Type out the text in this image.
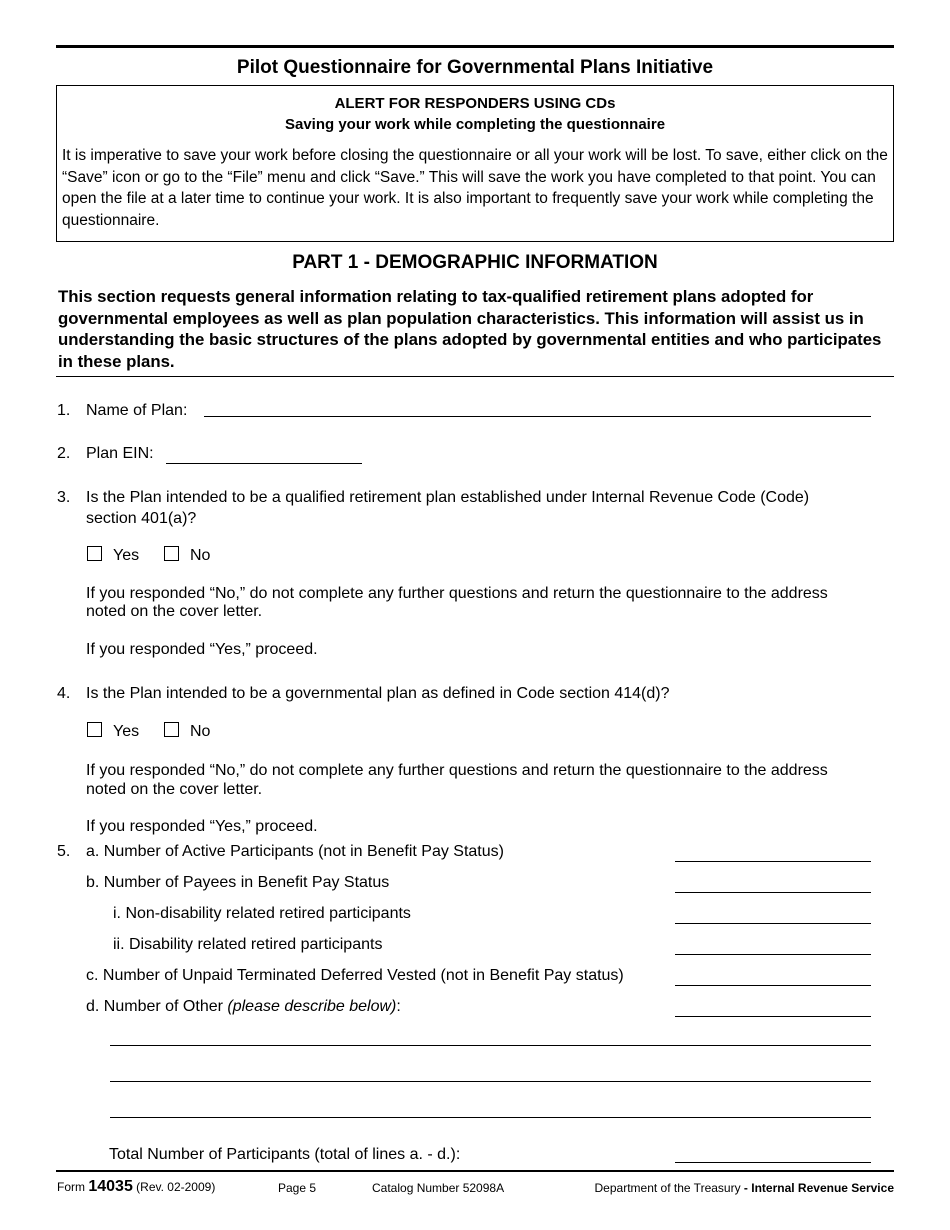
Pilot Questionnaire for Governmental Plans Initiative
ALERT FOR RESPONDERS USING CDs
Saving your work while completing the questionnaire
It is imperative to save your work before closing the questionnaire or all your work will be lost. To save, either click on the “Save” icon or go to the “File” menu and click “Save.” This will save the work you have completed to that point. You can open the file at a later time to continue your work. It is also important to frequently save your work while completing the questionnaire.
PART 1 - DEMOGRAPHIC INFORMATION
This section requests general information relating to tax-qualified retirement plans adopted for governmental employees as well as plan population characteristics. This information will assist us in understanding the basic structures of the plans adopted by governmental entities and who participates in these plans.
1. Name of Plan:
2. Plan EIN:
3. Is the Plan intended to be a qualified retirement plan established under Internal Revenue Code (Code)
section 401(a)?
Yes	No
If you responded “No,” do not complete any further questions and return the questionnaire to the address
noted on the cover letter.
If you responded “Yes,” proceed.
4. Is the Plan intended to be a governmental plan as defined in Code section 414(d)?
Yes	No
If you responded “No,” do not complete any further questions and return the questionnaire to the address
noted on the cover letter.
If you responded “Yes,” proceed.
5. a. Number of Active Participants (not in Benefit Pay Status)
b. Number of Payees in Benefit Pay Status
i. Non-disability related retired participants
ii. Disability related retired participants
c. Number of Unpaid Terminated Deferred Vested (not in Benefit Pay status)
d. Number of Other (please describe below):
Total Number of Participants (total of lines a. - d.):
Form 14035 (Rev. 02-2009)	Page 5	Catalog Number 52098A	Department of the Treasury - Internal Revenue Service
